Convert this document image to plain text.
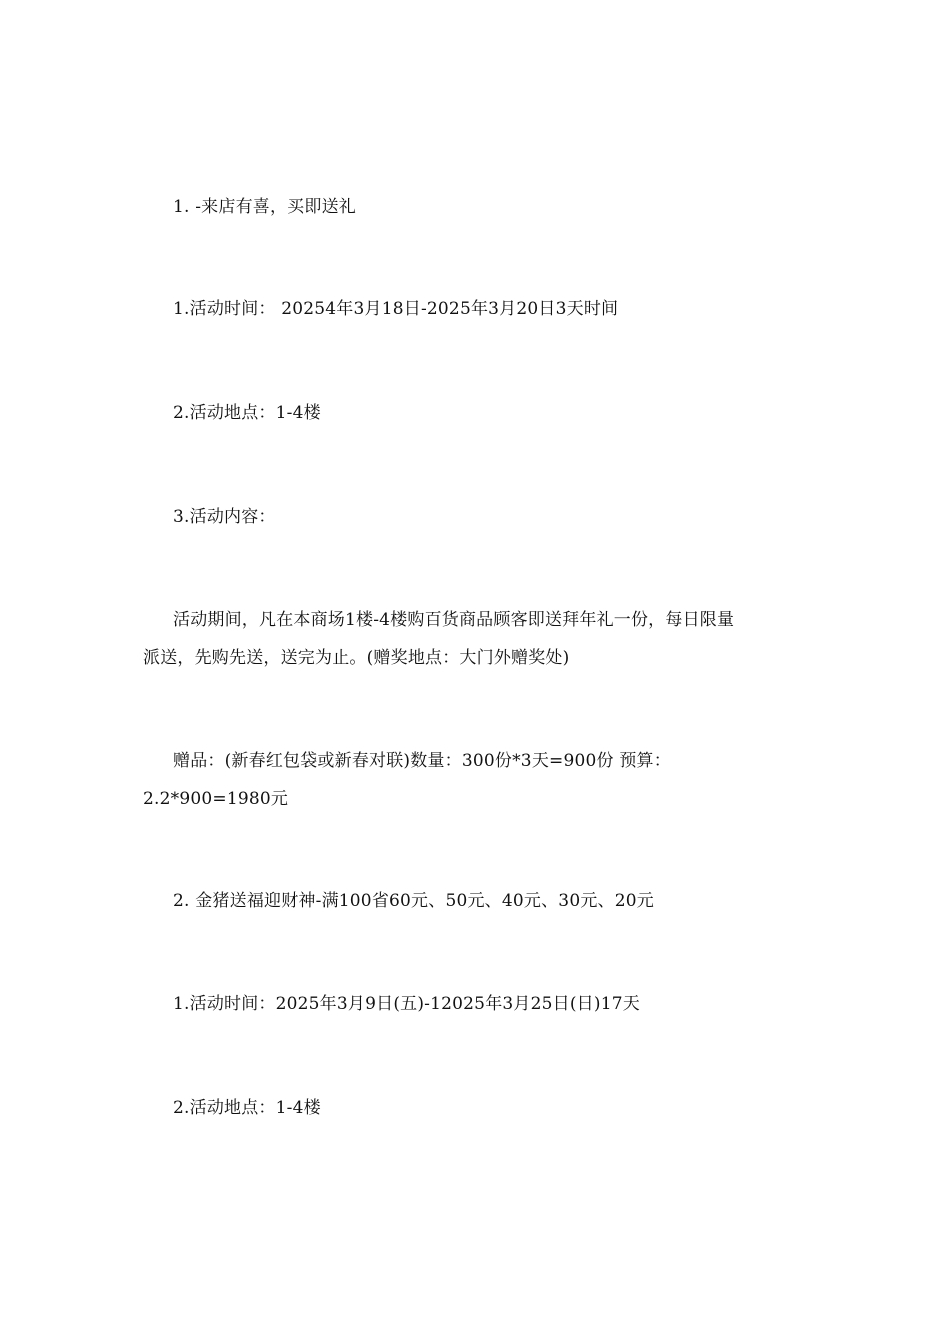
1. -来店有喜，买即送礼
1.活动时间： 20254年3月18日-2025年3月20日3天时间
2.活动地点：1-4楼
3.活动内容：
活动期间，凡在本商场1楼-4楼购百货商品顾客即送拜年礼一份，每日限量
派送，先购先送，送完为止。(赠奖地点：大门外赠奖处)
赠品：(新春红包袋或新春对联)数量：300份*3天=900份 预算：
2.2*900=1980元
2. 金猪送福迎财神-满100省60元、50元、40元、30元、20元
1.活动时间：2025年3月9日(五)-12025年3月25日(日)17天
2.活动地点：1-4楼
